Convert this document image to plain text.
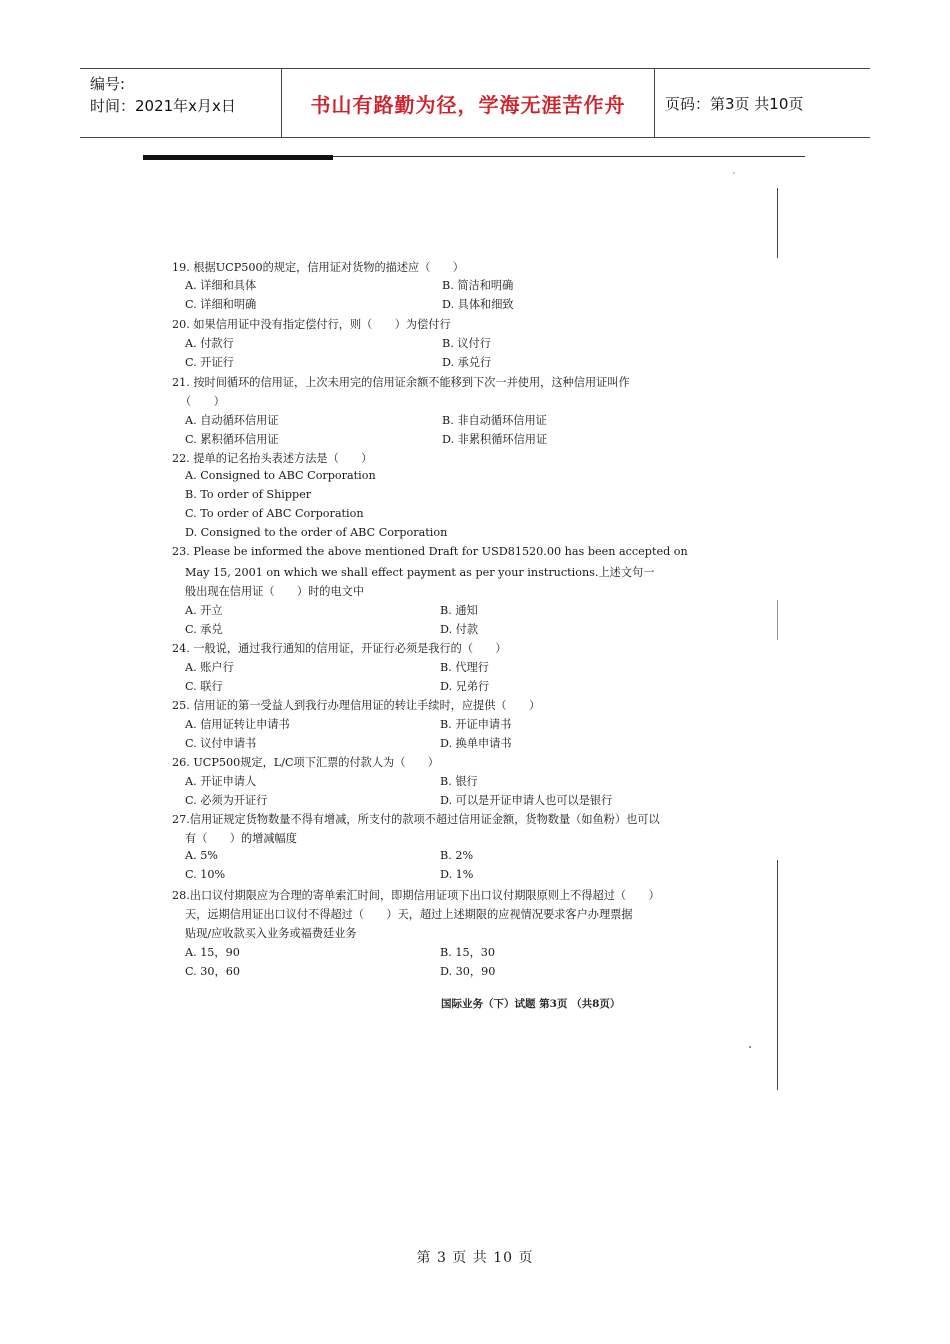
编号:
时间：2021年x月x日	书山有路勤为径，学海无涯苦作舟	页码：第3页 共10页
19. 根据UCP500的规定，信用证对货物的描述应（　　）
A. 详细和具体	B. 简洁和明确
C. 详细和明确	D. 具体和细致
20. 如果信用证中没有指定偿付行，则（　　）为偿付行
A. 付款行	B. 议付行
C. 开证行	D. 承兑行
21. 按时间循环的信用证，上次未用完的信用证余额不能移到下次一并使用，这种信用证叫作
（　　）
A. 自动循环信用证	B. 非自动循环信用证
C. 累积循环信用证	D. 非累积循环信用证
22. 提单的记名抬头表述方法是（　　）
A. Consigned to ABC Corporation
B. To order of Shipper
C. To order of ABC Corporation
D. Consigned to the order of ABC Corporation
23. Please be informed the above mentioned Draft for USD81520.00 has been accepted on
May 15, 2001 on which we shall effect payment as per your instructions.上述文句一
般出现在信用证（　　）时的电文中
A. 开立	B. 通知
C. 承兑	D. 付款
24. 一般说，通过我行通知的信用证，开证行必须是我行的（　　）
A. 账户行	B. 代理行
C. 联行	D. 兄弟行
25. 信用证的第一受益人到我行办理信用证的转让手续时，应提供（　　）
A. 信用证转让申请书	B. 开证申请书
C. 议付申请书	D. 换单申请书
26. UCP500规定，L/C项下汇票的付款人为（　　）
A. 开证申请人	B. 银行
C. 必须为开证行	D. 可以是开证申请人也可以是银行
27.信用证规定货物数量不得有增减，所支付的款项不超过信用证金额，货物数量（如鱼粉）也可以
有（　　）的增减幅度
A. 5%	B. 2%
C. 10%	D. 1%
28.出口议付期限应为合理的寄单索汇时间，即期信用证项下出口议付期限原则上不得超过（　　）
天，远期信用证出口议付不得超过（　　）天，超过上述期限的应视情况要求客户办理票据
贴现/应收款买入业务或福费廷业务
A. 15，90	B. 15，30
C. 30，60	D. 30，90
国际业务（下）试题 第3页 （共8页）
第 3 页 共 10 页
